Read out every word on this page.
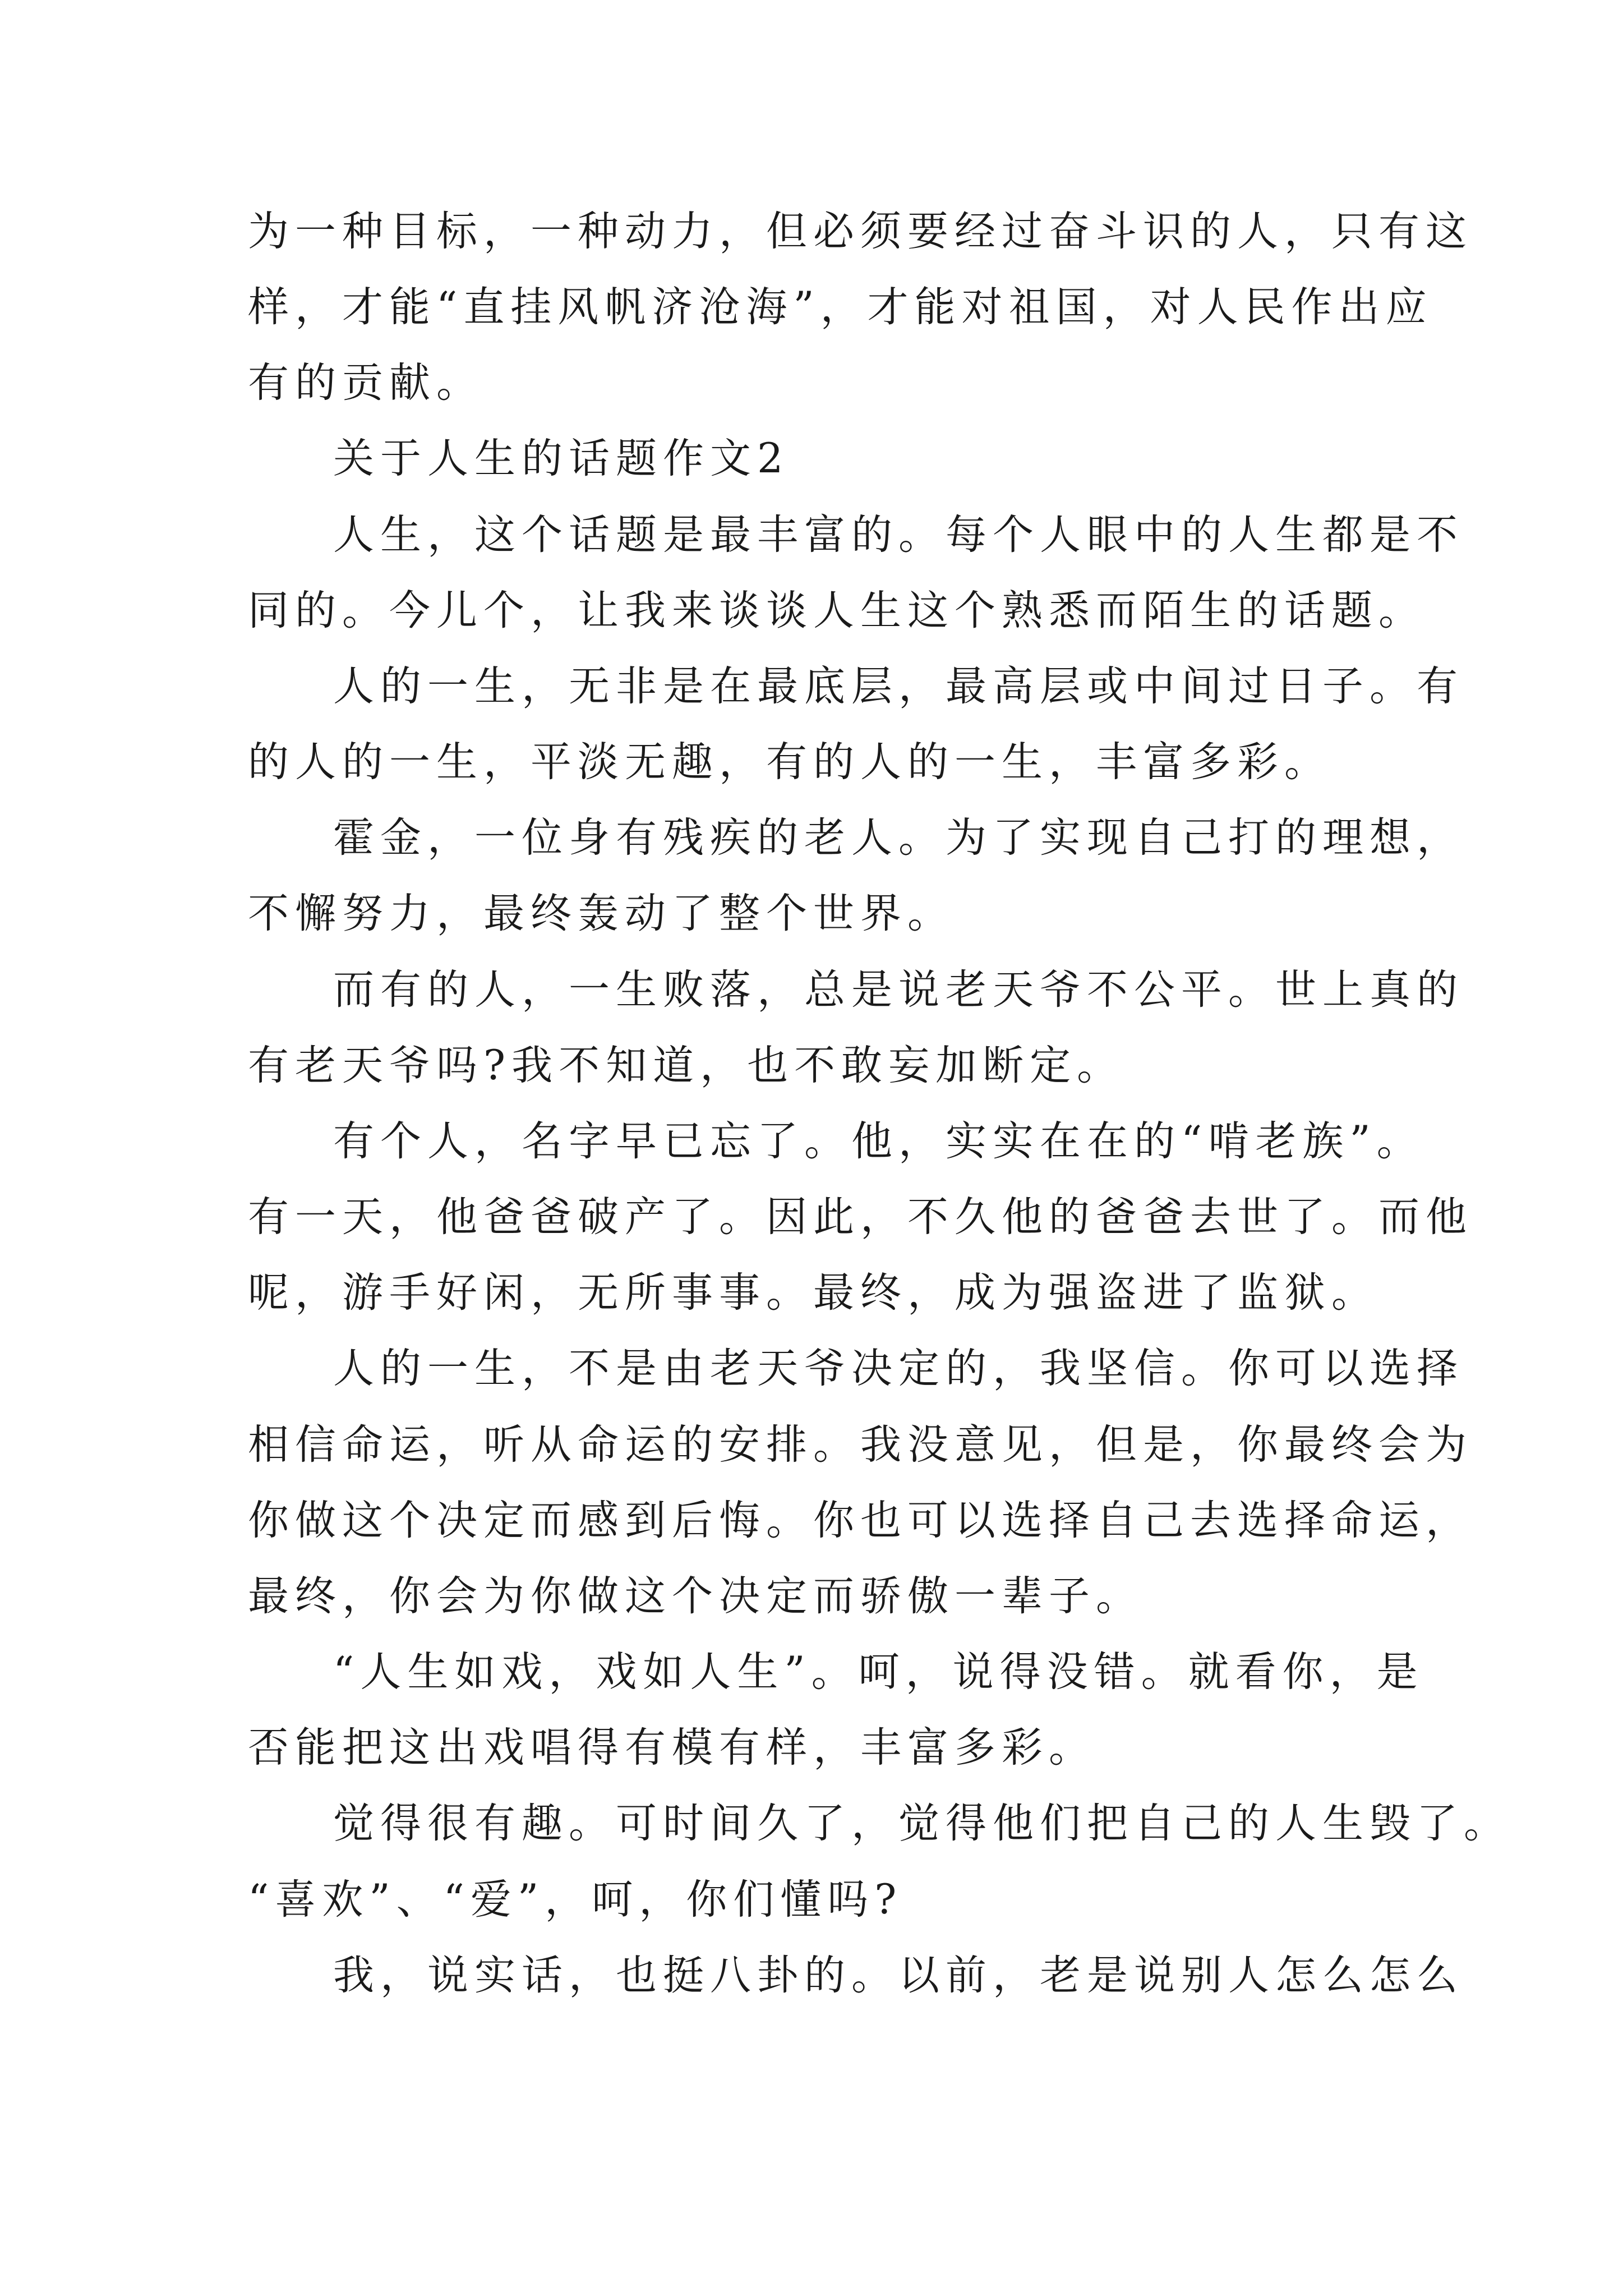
为一种目标，一种动力，但必须要经过奋斗识的人，只有这
样，才能“直挂风帆济沧海”，才能对祖国，对人民作出应
有的贡献。
关于人生的话题作文2
人生，这个话题是最丰富的。每个人眼中的人生都是不
同的。今儿个，让我来谈谈人生这个熟悉而陌生的话题。
人的一生，无非是在最底层，最高层或中间过日子。有
的人的一生，平淡无趣，有的人的一生，丰富多彩。
霍金，一位身有残疾的老人。为了实现自己打的理想，
不懈努力，最终轰动了整个世界。
而有的人，一生败落，总是说老天爷不公平。世上真的
有老天爷吗?我不知道，也不敢妄加断定。
有个人，名字早已忘了。他，实实在在的“啃老族”。
有一天，他爸爸破产了。因此，不久他的爸爸去世了。而他
呢，游手好闲，无所事事。最终，成为强盗进了监狱。
人的一生，不是由老天爷决定的，我坚信。你可以选择
相信命运，听从命运的安排。我没意见，但是，你最终会为
你做这个决定而感到后悔。你也可以选择自己去选择命运，
最终，你会为你做这个决定而骄傲一辈子。
“人生如戏，戏如人生”。呵，说得没错。就看你，是
否能把这出戏唱得有模有样，丰富多彩。
觉得很有趣。可时间久了，觉得他们把自己的人生毁了。
“喜欢”、“爱”，呵，你们懂吗?
我，说实话，也挺八卦的。以前，老是说别人怎么怎么
